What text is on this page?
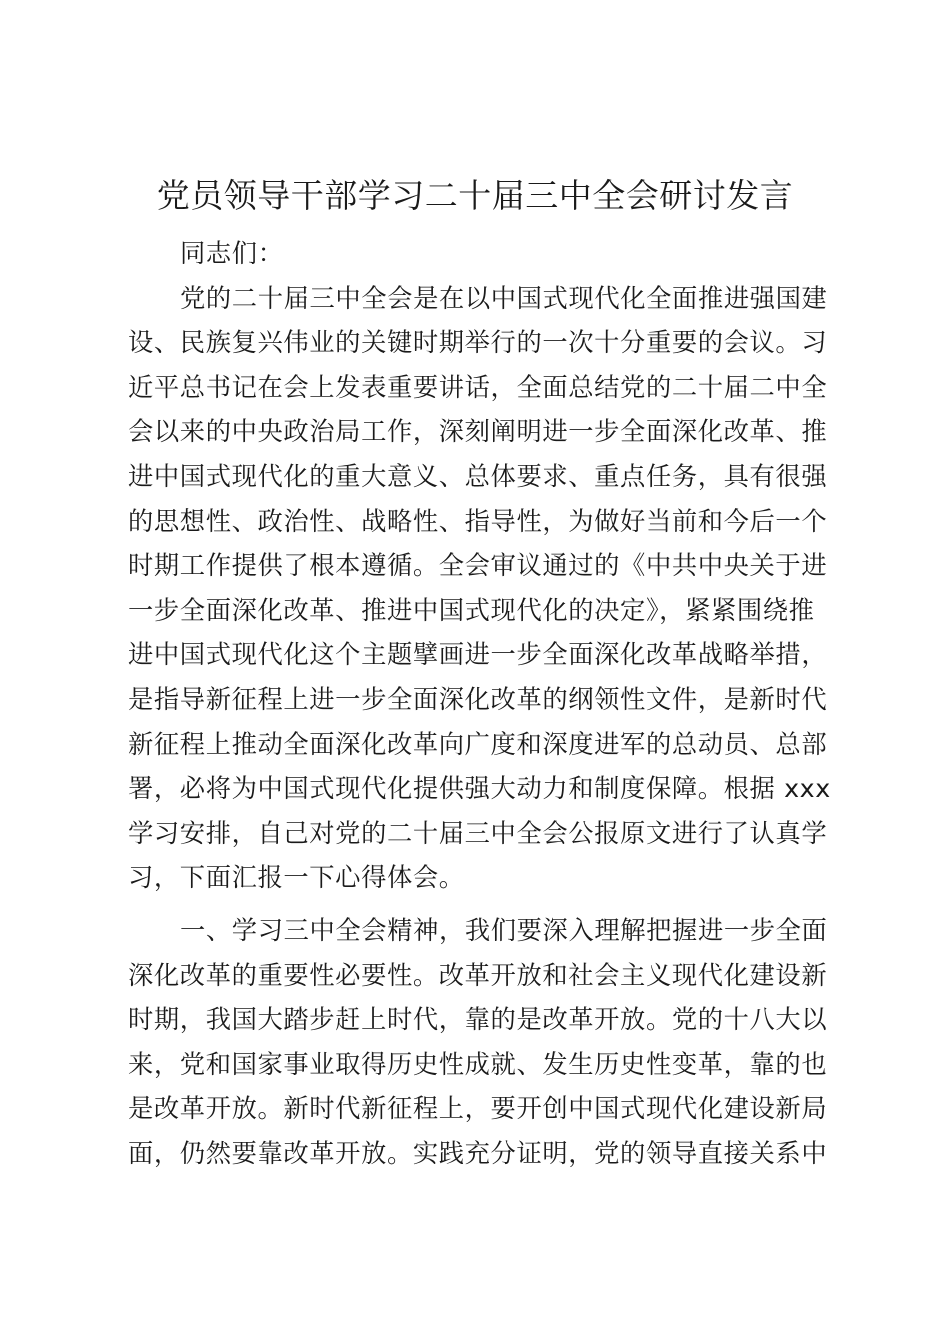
党员领导干部学习二十届三中全会研讨发言
同志们：
党的二十届三中全会是在以中国式现代化全面推进强国建
设、民族复兴伟业的关键时期举行的一次十分重要的会议。习
近平总书记在会上发表重要讲话，全面总结党的二十届二中全
会以来的中央政治局工作，深刻阐明进一步全面深化改革、推
进中国式现代化的重大意义、总体要求、重点任务，具有很强
的思想性、政治性、战略性、指导性，为做好当前和今后一个
时期工作提供了根本遵循。全会审议通过的《中共中央关于进
一步全面深化改革、推进中国式现代化的决定》，紧紧围绕推
进中国式现代化这个主题擘画进一步全面深化改革战略举措，
是指导新征程上进一步全面深化改革的纲领性文件，是新时代
新征程上推动全面深化改革向广度和深度进军的总动员、总部
署，必将为中国式现代化提供强大动力和制度保障。根据 xxx
学习安排，自己对党的二十届三中全会公报原文进行了认真学
习，下面汇报一下心得体会。
一、学习三中全会精神，我们要深入理解把握进一步全面
深化改革的重要性必要性。改革开放和社会主义现代化建设新
时期，我国大踏步赶上时代，靠的是改革开放。党的十八大以
来，党和国家事业取得历史性成就、发生历史性变革，靠的也
是改革开放。新时代新征程上，要开创中国式现代化建设新局
面，仍然要靠改革开放。实践充分证明，党的领导直接关系中
